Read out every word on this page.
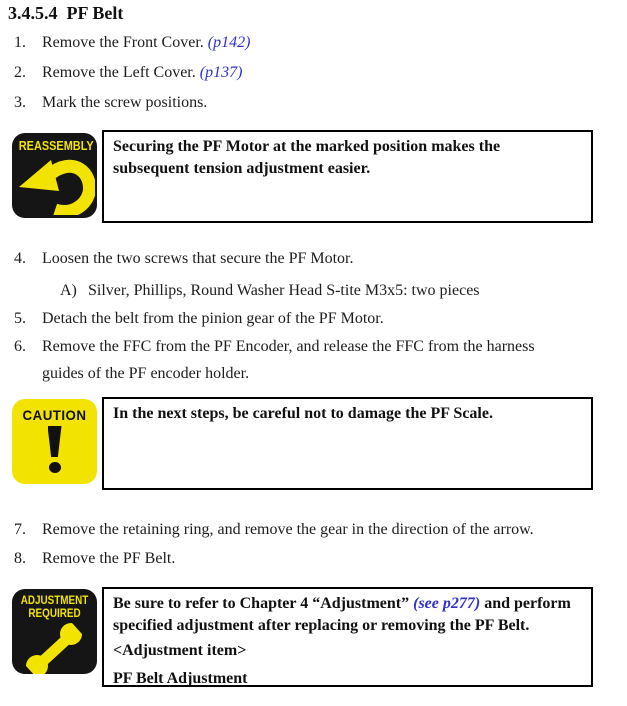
3.4.5.4  PF Belt
1.	Remove the Front Cover. (p142)
2.	Remove the Left Cover. (p137)
3.	Mark the screw positions.
REASSEMBLY	Securing the PF Motor at the marked position makes the
subsequent tension adjustment easier.
4.	Loosen the two screws that secure the PF Motor.
A) Silver, Phillips, Round Washer Head S-tite M3x5: two pieces
5.	Detach the belt from the pinion gear of the PF Motor.
6.	Remove the FFC from the PF Encoder, and release the FFC from the harness
guides of the PF encoder holder.
CAUTION	In the next steps, be careful not to damage the PF Scale.
7.	Remove the retaining ring, and remove the gear in the direction of the arrow.
8.	Remove the PF Belt.
ADJUSTMENT
REQUIRED
Be sure to refer to Chapter 4 “Adjustment” (see p277) and perform
specified adjustment after replacing or removing the PF Belt.
<Adjustment item>
PF Belt Adjustment
